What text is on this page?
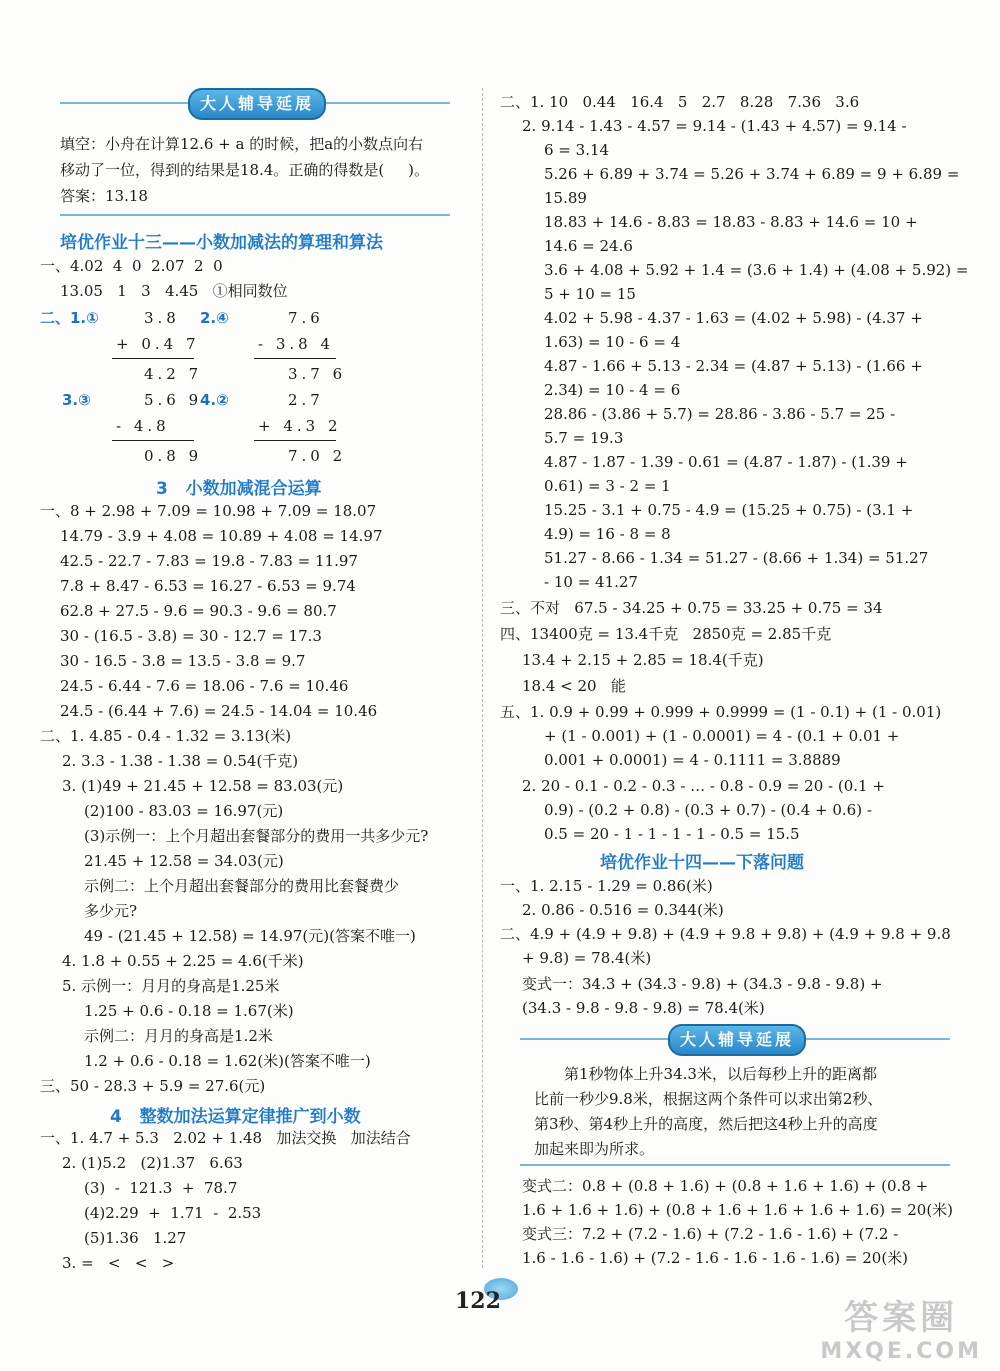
大人辅导延展
填空：小舟在计算12.6 + a 的时候，把a的小数点向右
移动了一位，得到的结果是18.4。正确的得数是(     )。
答案：13.18
培优作业十三——小数加减法的算理和算法
一、4.02  4  0  2.07  2  0
13.05   1   3   4.45   ①相同数位
二、1.①	3.8
+ 0.4 7
4.2 7
2.④	7.6
- 3.8 4
3.7 6
3.③	5.6 9
- 4.8
0.8 9
4.②	2.7
+ 4.3 2
7.0 2
3   小数加减混合运算
一、8 + 2.98 + 7.09 = 10.98 + 7.09 = 18.07
14.79 - 3.9 + 4.08 = 10.89 + 4.08 = 14.97
42.5 - 22.7 - 7.83 = 19.8 - 7.83 = 11.97
7.8 + 8.47 - 6.53 = 16.27 - 6.53 = 9.74
62.8 + 27.5 - 9.6 = 90.3 - 9.6 = 80.7
30 - (16.5 - 3.8) = 30 - 12.7 = 17.3
30 - 16.5 - 3.8 = 13.5 - 3.8 = 9.7
24.5 - 6.44 - 7.6 = 18.06 - 7.6 = 10.46
24.5 - (6.44 + 7.6) = 24.5 - 14.04 = 10.46
二、1. 4.85 - 0.4 - 1.32 = 3.13(米)
2. 3.3 - 1.38 - 1.38 = 0.54(千克)
3. (1)49 + 21.45 + 12.58 = 83.03(元)
(2)100 - 83.03 = 16.97(元)
(3)示例一：上个月超出套餐部分的费用一共多少元?
21.45 + 12.58 = 34.03(元)
示例二：上个月超出套餐部分的费用比套餐费少
多少元?
49 - (21.45 + 12.58) = 14.97(元)(答案不唯一)
4. 1.8 + 0.55 + 2.25 = 4.6(千米)
5. 示例一：月月的身高是1.25米
1.25 + 0.6 - 0.18 = 1.67(米)
示例二：月月的身高是1.2米
1.2 + 0.6 - 0.18 = 1.62(米)(答案不唯一)
三、50 - 28.3 + 5.9 = 27.6(元)
4   整数加法运算定律推广到小数
一、1. 4.7 + 5.3   2.02 + 1.48   加法交换   加法结合
2. (1)5.2   (2)1.37   6.63
(3)  -  121.3  +  78.7
(4)2.29  +  1.71  -  2.53
(5)1.36   1.27
3. =   <   <   >
二、1. 10   0.44   16.4   5   2.7   8.28   7.36   3.6
2. 9.14 - 1.43 - 4.57 = 9.14 - (1.43 + 4.57) = 9.14 -
6 = 3.14
5.26 + 6.89 + 3.74 = 5.26 + 3.74 + 6.89 = 9 + 6.89 =
15.89
18.83 + 14.6 - 8.83 = 18.83 - 8.83 + 14.6 = 10 +
14.6 = 24.6
3.6 + 4.08 + 5.92 + 1.4 = (3.6 + 1.4) + (4.08 + 5.92) =
5 + 10 = 15
4.02 + 5.98 - 4.37 - 1.63 = (4.02 + 5.98) - (4.37 +
1.63) = 10 - 6 = 4
4.87 - 1.66 + 5.13 - 2.34 = (4.87 + 5.13) - (1.66 +
2.34) = 10 - 4 = 6
28.86 - (3.86 + 5.7) = 28.86 - 3.86 - 5.7 = 25 -
5.7 = 19.3
4.87 - 1.87 - 1.39 - 0.61 = (4.87 - 1.87) - (1.39 +
0.61) = 3 - 2 = 1
15.25 - 3.1 + 0.75 - 4.9 = (15.25 + 0.75) - (3.1 +
4.9) = 16 - 8 = 8
51.27 - 8.66 - 1.34 = 51.27 - (8.66 + 1.34) = 51.27
- 10 = 41.27
三、不对   67.5 - 34.25 + 0.75 = 33.25 + 0.75 = 34
四、13400克 = 13.4千克   2850克 = 2.85千克
13.4 + 2.15 + 2.85 = 18.4(千克)
18.4 < 20   能
五、1. 0.9 + 0.99 + 0.999 + 0.9999 = (1 - 0.1) + (1 - 0.01)
+ (1 - 0.001) + (1 - 0.0001) = 4 - (0.1 + 0.01 +
0.001 + 0.0001) = 4 - 0.1111 = 3.8889
2. 20 - 0.1 - 0.2 - 0.3 - … - 0.8 - 0.9 = 20 - (0.1 +
0.9) - (0.2 + 0.8) - (0.3 + 0.7) - (0.4 + 0.6) -
0.5 = 20 - 1 - 1 - 1 - 1 - 0.5 = 15.5
培优作业十四——下落问题
一、1. 2.15 - 1.29 = 0.86(米)
2. 0.86 - 0.516 = 0.344(米)
二、4.9 + (4.9 + 9.8) + (4.9 + 9.8 + 9.8) + (4.9 + 9.8 + 9.8
+ 9.8) = 78.4(米)
变式一：34.3 + (34.3 - 9.8) + (34.3 - 9.8 - 9.8) +
(34.3 - 9.8 - 9.8 - 9.8) = 78.4(米)
大人辅导延展
第1秒物体上升34.3米，以后每秒上升的距离都
比前一秒少9.8米，根据这两个条件可以求出第2秒、
第3秒、第4秒上升的高度，然后把这4秒上升的高度
加起来即为所求。
变式二：0.8 + (0.8 + 1.6) + (0.8 + 1.6 + 1.6) + (0.8 +
1.6 + 1.6 + 1.6) + (0.8 + 1.6 + 1.6 + 1.6 + 1.6) = 20(米)
变式三：7.2 + (7.2 - 1.6) + (7.2 - 1.6 - 1.6) + (7.2 -
1.6 - 1.6 - 1.6) + (7.2 - 1.6 - 1.6 - 1.6 - 1.6) = 20(米)
122	答案圈
MXQE.COM
